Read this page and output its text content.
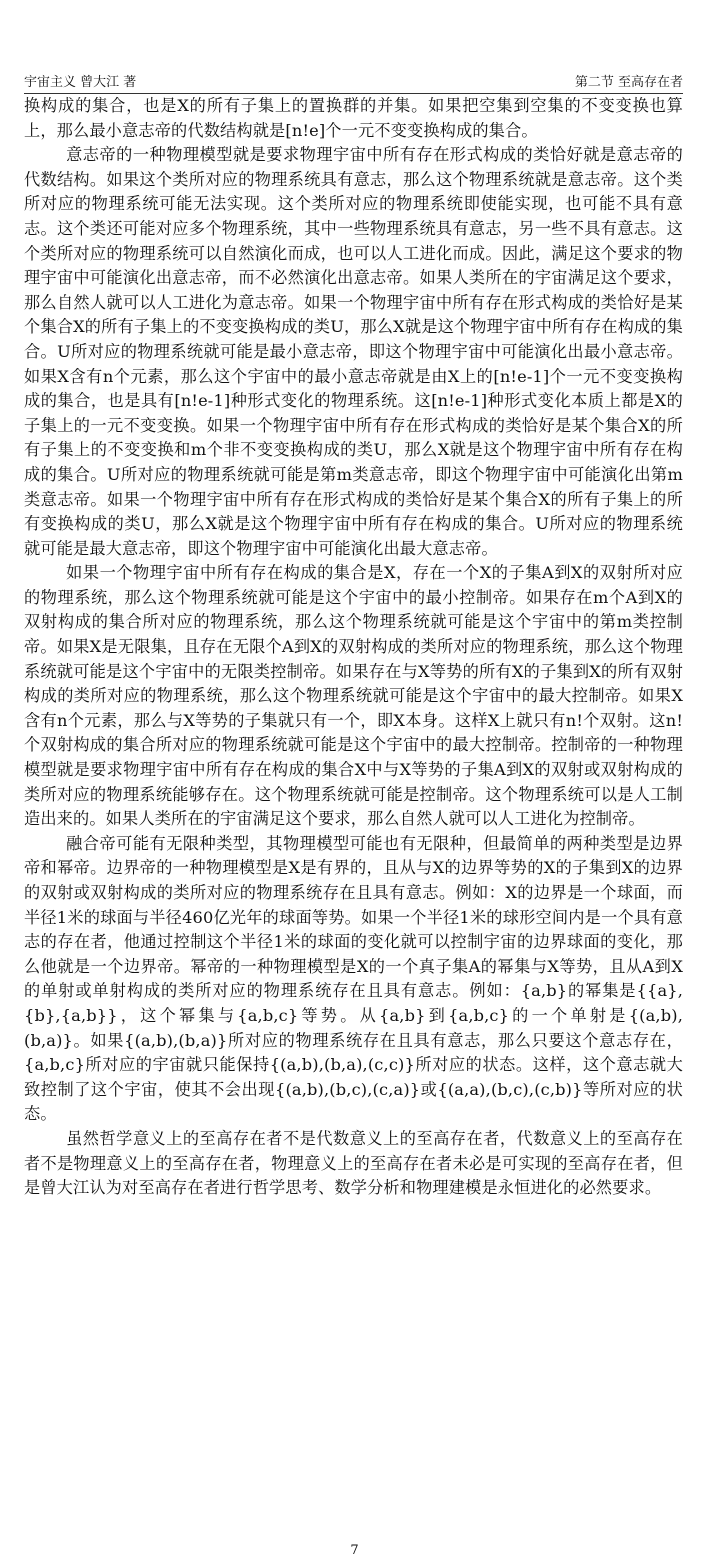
宇宙主义 曾大江 著	第二节 至高存在者

换构成的集合，也是X的所有子集上的置换群的并集。如果把空集到空集的不变变换也算上，那么最小意志帝的代数结构就是[n!e]个一元不变变换构成的集合。

意志帝的一种物理模型就是要求物理宇宙中所有存在形式构成的类恰好就是意志帝的代数结构。如果这个类所对应的物理系统具有意志，那么这个物理系统就是意志帝。这个类所对应的物理系统可能无法实现。这个类所对应的物理系统即使能实现，也可能不具有意志。这个类还可能对应多个物理系统，其中一些物理系统具有意志，另一些不具有意志。这个类所对应的物理系统可以自然演化而成，也可以人工进化而成。因此，满足这个要求的物理宇宙中可能演化出意志帝，而不必然演化出意志帝。如果人类所在的宇宙满足这个要求，那么自然人就可以人工进化为意志帝。如果一个物理宇宙中所有存在形式构成的类恰好是某个集合X的所有子集上的不变变换构成的类U，那么X就是这个物理宇宙中所有存在构成的集合。U所对应的物理系统就可能是最小意志帝，即这个物理宇宙中可能演化出最小意志帝。如果X含有n个元素，那么这个宇宙中的最小意志帝就是由X上的[n!e-1]个一元不变变换构成的集合，也是具有[n!e-1]种形式变化的物理系统。这[n!e-1]种形式变化本质上都是X的子集上的一元不变变换。如果一个物理宇宙中所有存在形式构成的类恰好是某个集合X的所有子集上的不变变换和m个非不变变换构成的类U，那么X就是这个物理宇宙中所有存在构成的集合。U所对应的物理系统就可能是第m类意志帝，即这个物理宇宙中可能演化出第m类意志帝。如果一个物理宇宙中所有存在形式构成的类恰好是某个集合X的所有子集上的所有变换构成的类U，那么X就是这个物理宇宙中所有存在构成的集合。U所对应的物理系统就可能是最大意志帝，即这个物理宇宙中可能演化出最大意志帝。

如果一个物理宇宙中所有存在构成的集合是X，存在一个X的子集A到X的双射所对应的物理系统，那么这个物理系统就可能是这个宇宙中的最小控制帝。如果存在m个A到X的双射构成的集合所对应的物理系统，那么这个物理系统就可能是这个宇宙中的第m类控制帝。如果X是无限集，且存在无限个A到X的双射构成的类所对应的物理系统，那么这个物理系统就可能是这个宇宙中的无限类控制帝。如果存在与X等势的所有X的子集到X的所有双射构成的类所对应的物理系统，那么这个物理系统就可能是这个宇宙中的最大控制帝。如果X含有n个元素，那么与X等势的子集就只有一个，即X本身。这样X上就只有n!个双射。这n!个双射构成的集合所对应的物理系统就可能是这个宇宙中的最大控制帝。控制帝的一种物理模型就是要求物理宇宙中所有存在构成的集合X中与X等势的子集A到X的双射或双射构成的类所对应的物理系统能够存在。这个物理系统就可能是控制帝。这个物理系统可以是人工制造出来的。如果人类所在的宇宙满足这个要求，那么自然人就可以人工进化为控制帝。

融合帝可能有无限种类型，其物理模型可能也有无限种，但最简单的两种类型是边界帝和幂帝。边界帝的一种物理模型是X是有界的，且从与X的边界等势的X的子集到X的边界的双射或双射构成的类所对应的物理系统存在且具有意志。例如：X的边界是一个球面，而半径1米的球面与半径460亿光年的球面等势。如果一个半径1米的球形空间内是一个具有意志的存在者，他通过控制这个半径1米的球面的变化就可以控制宇宙的边界球面的变化，那么他就是一个边界帝。幂帝的一种物理模型是X的一个真子集A的幂集与X等势，且从A到X的单射或单射构成的类所对应的物理系统存在且具有意志。例如：{a,b}的幂集是{{a},{b},{a,b}}，这个幂集与{a,b,c}等势。从{a,b}到{a,b,c}的一个单射是{(a,b),(b,a)}。如果{(a,b),(b,a)}所对应的物理系统存在且具有意志，那么只要这个意志存在，{a,b,c}所对应的宇宙就只能保持{(a,b),(b,a),(c,c)}所对应的状态。这样，这个意志就大致控制了这个宇宙，使其不会出现{(a,b),(b,c),(c,a)}或{(a,a),(b,c),(c,b)}等所对应的状态。

虽然哲学意义上的至高存在者不是代数意义上的至高存在者，代数意义上的至高存在者不是物理意义上的至高存在者，物理意义上的至高存在者未必是可实现的至高存在者，但是曾大江认为对至高存在者进行哲学思考、数学分析和物理建模是永恒进化的必然要求。

7
